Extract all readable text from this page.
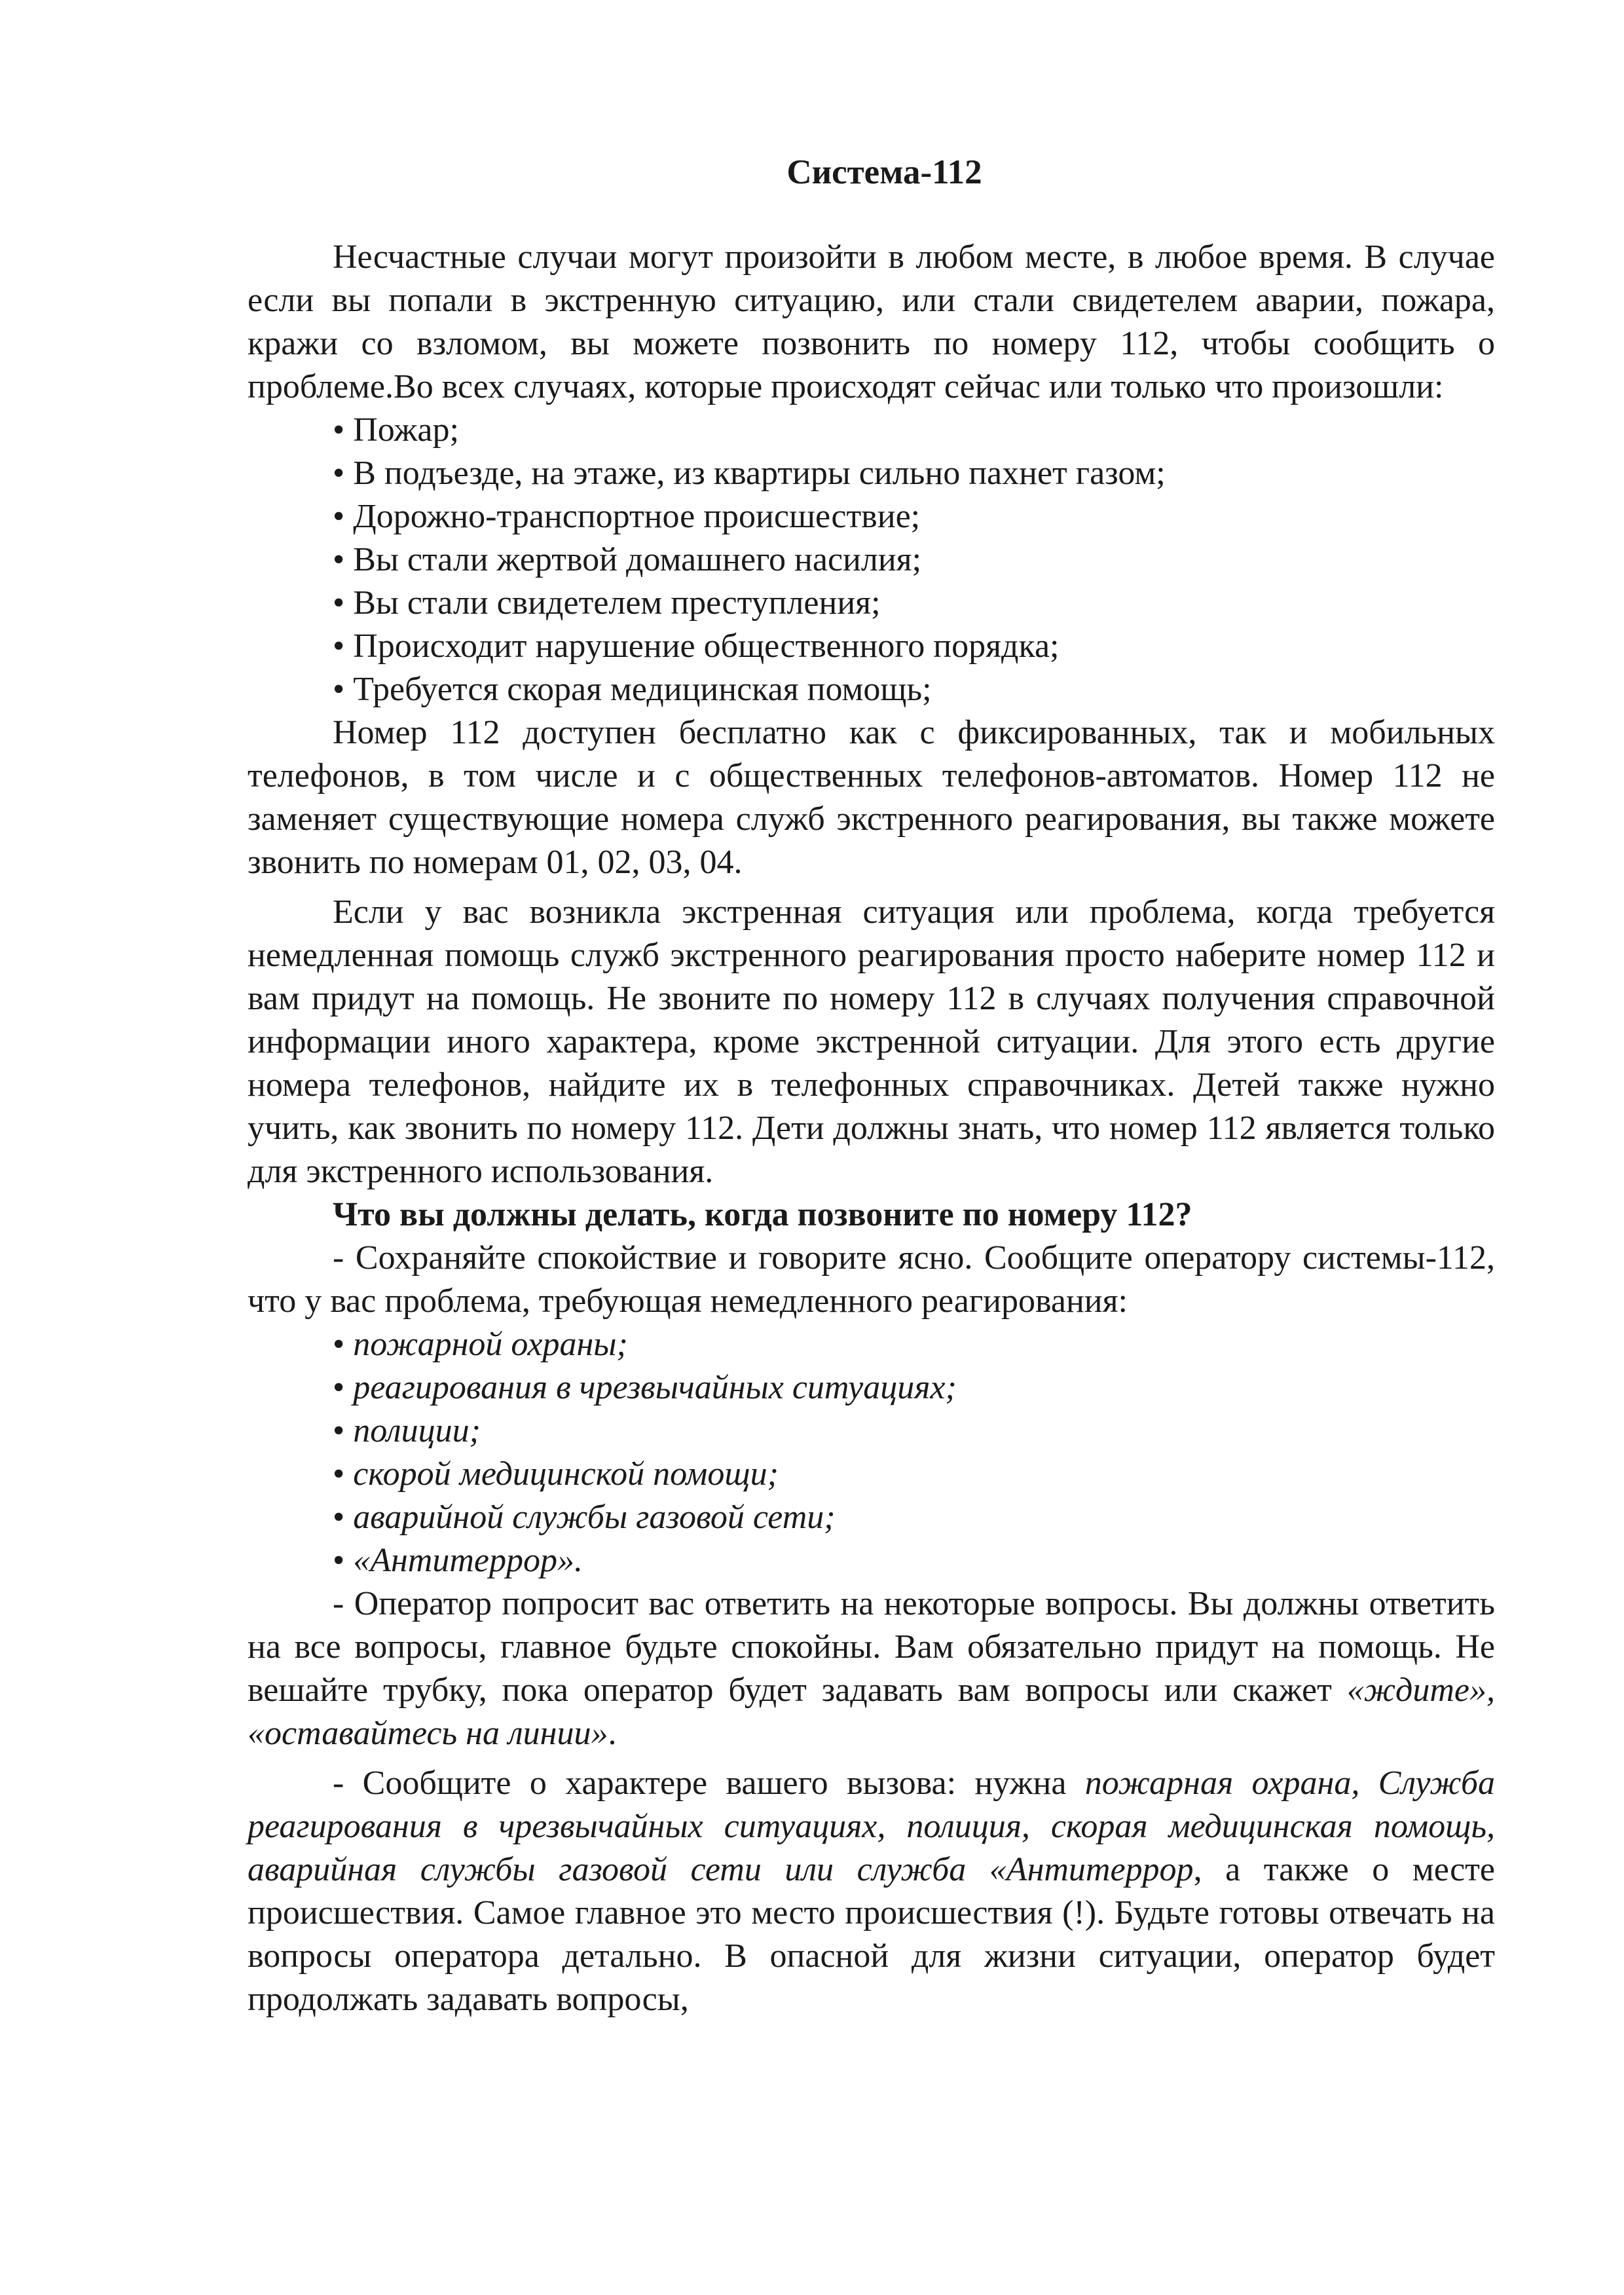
Система-112

Несчастные случаи могут произойти в любом месте, в любое время. В случае если вы попали в экстренную ситуацию, или стали свидетелем аварии, пожара, кражи со взломом, вы можете позвонить по номеру 112, чтобы сообщить о проблеме.Во всех случаях, которые происходят сейчас или только что произошли:

• Пожар;
• В подъезде, на этаже, из квартиры сильно пахнет газом;
• Дорожно-транспортное происшествие;
• Вы стали жертвой домашнего насилия;
• Вы стали свидетелем преступления;
• Происходит нарушение общественного порядка;
• Требуется скорая медицинская помощь;

Номер 112 доступен бесплатно как с фиксированных, так и мобильных телефонов, в том числе и с общественных телефонов-автоматов. Номер 112 не заменяет существующие номера служб экстренного реагирования, вы также можете звонить по номерам 01, 02, 03, 04.

Если у вас возникла экстренная ситуация или проблема, когда требуется немедленная помощь служб экстренного реагирования просто наберите номер 112 и вам придут на помощь. Не звоните по номеру 112 в случаях получения справочной информации иного характера, кроме экстренной ситуации. Для этого есть другие номера телефонов, найдите их в телефонных справочниках. Детей также нужно учить, как звонить по номеру 112. Дети должны знать, что номер 112 является только для экстренного использования.

Что вы должны делать, когда позвоните по номеру 112?

- Сохраняйте спокойствие и говорите ясно. Сообщите оператору системы-112, что у вас проблема, требующая немедленного реагирования:

• пожарной охраны;
• реагирования в чрезвычайных ситуациях;
• полиции;
• скорой медицинской помощи;
• аварийной службы газовой сети;
• «Антитеррор».

- Оператор попросит вас ответить на некоторые вопросы. Вы должны ответить на все вопросы, главное будьте спокойны. Вам обязательно придут на помощь. Не вешайте трубку, пока оператор будет задавать вам вопросы или скажет «ждите», «оставайтесь на линии».

- Сообщите о характере вашего вызова: нужна пожарная охрана, Служба реагирования в чрезвычайных ситуациях, полиция, скорая медицинская помощь, аварийная службы газовой сети или служба «Антитеррор, а также о месте происшествия. Самое главное это место происшествия (!). Будьте готовы отвечать на вопросы оператора детально. В опасной для жизни ситуации, оператор будет продолжать задавать вопросы,
